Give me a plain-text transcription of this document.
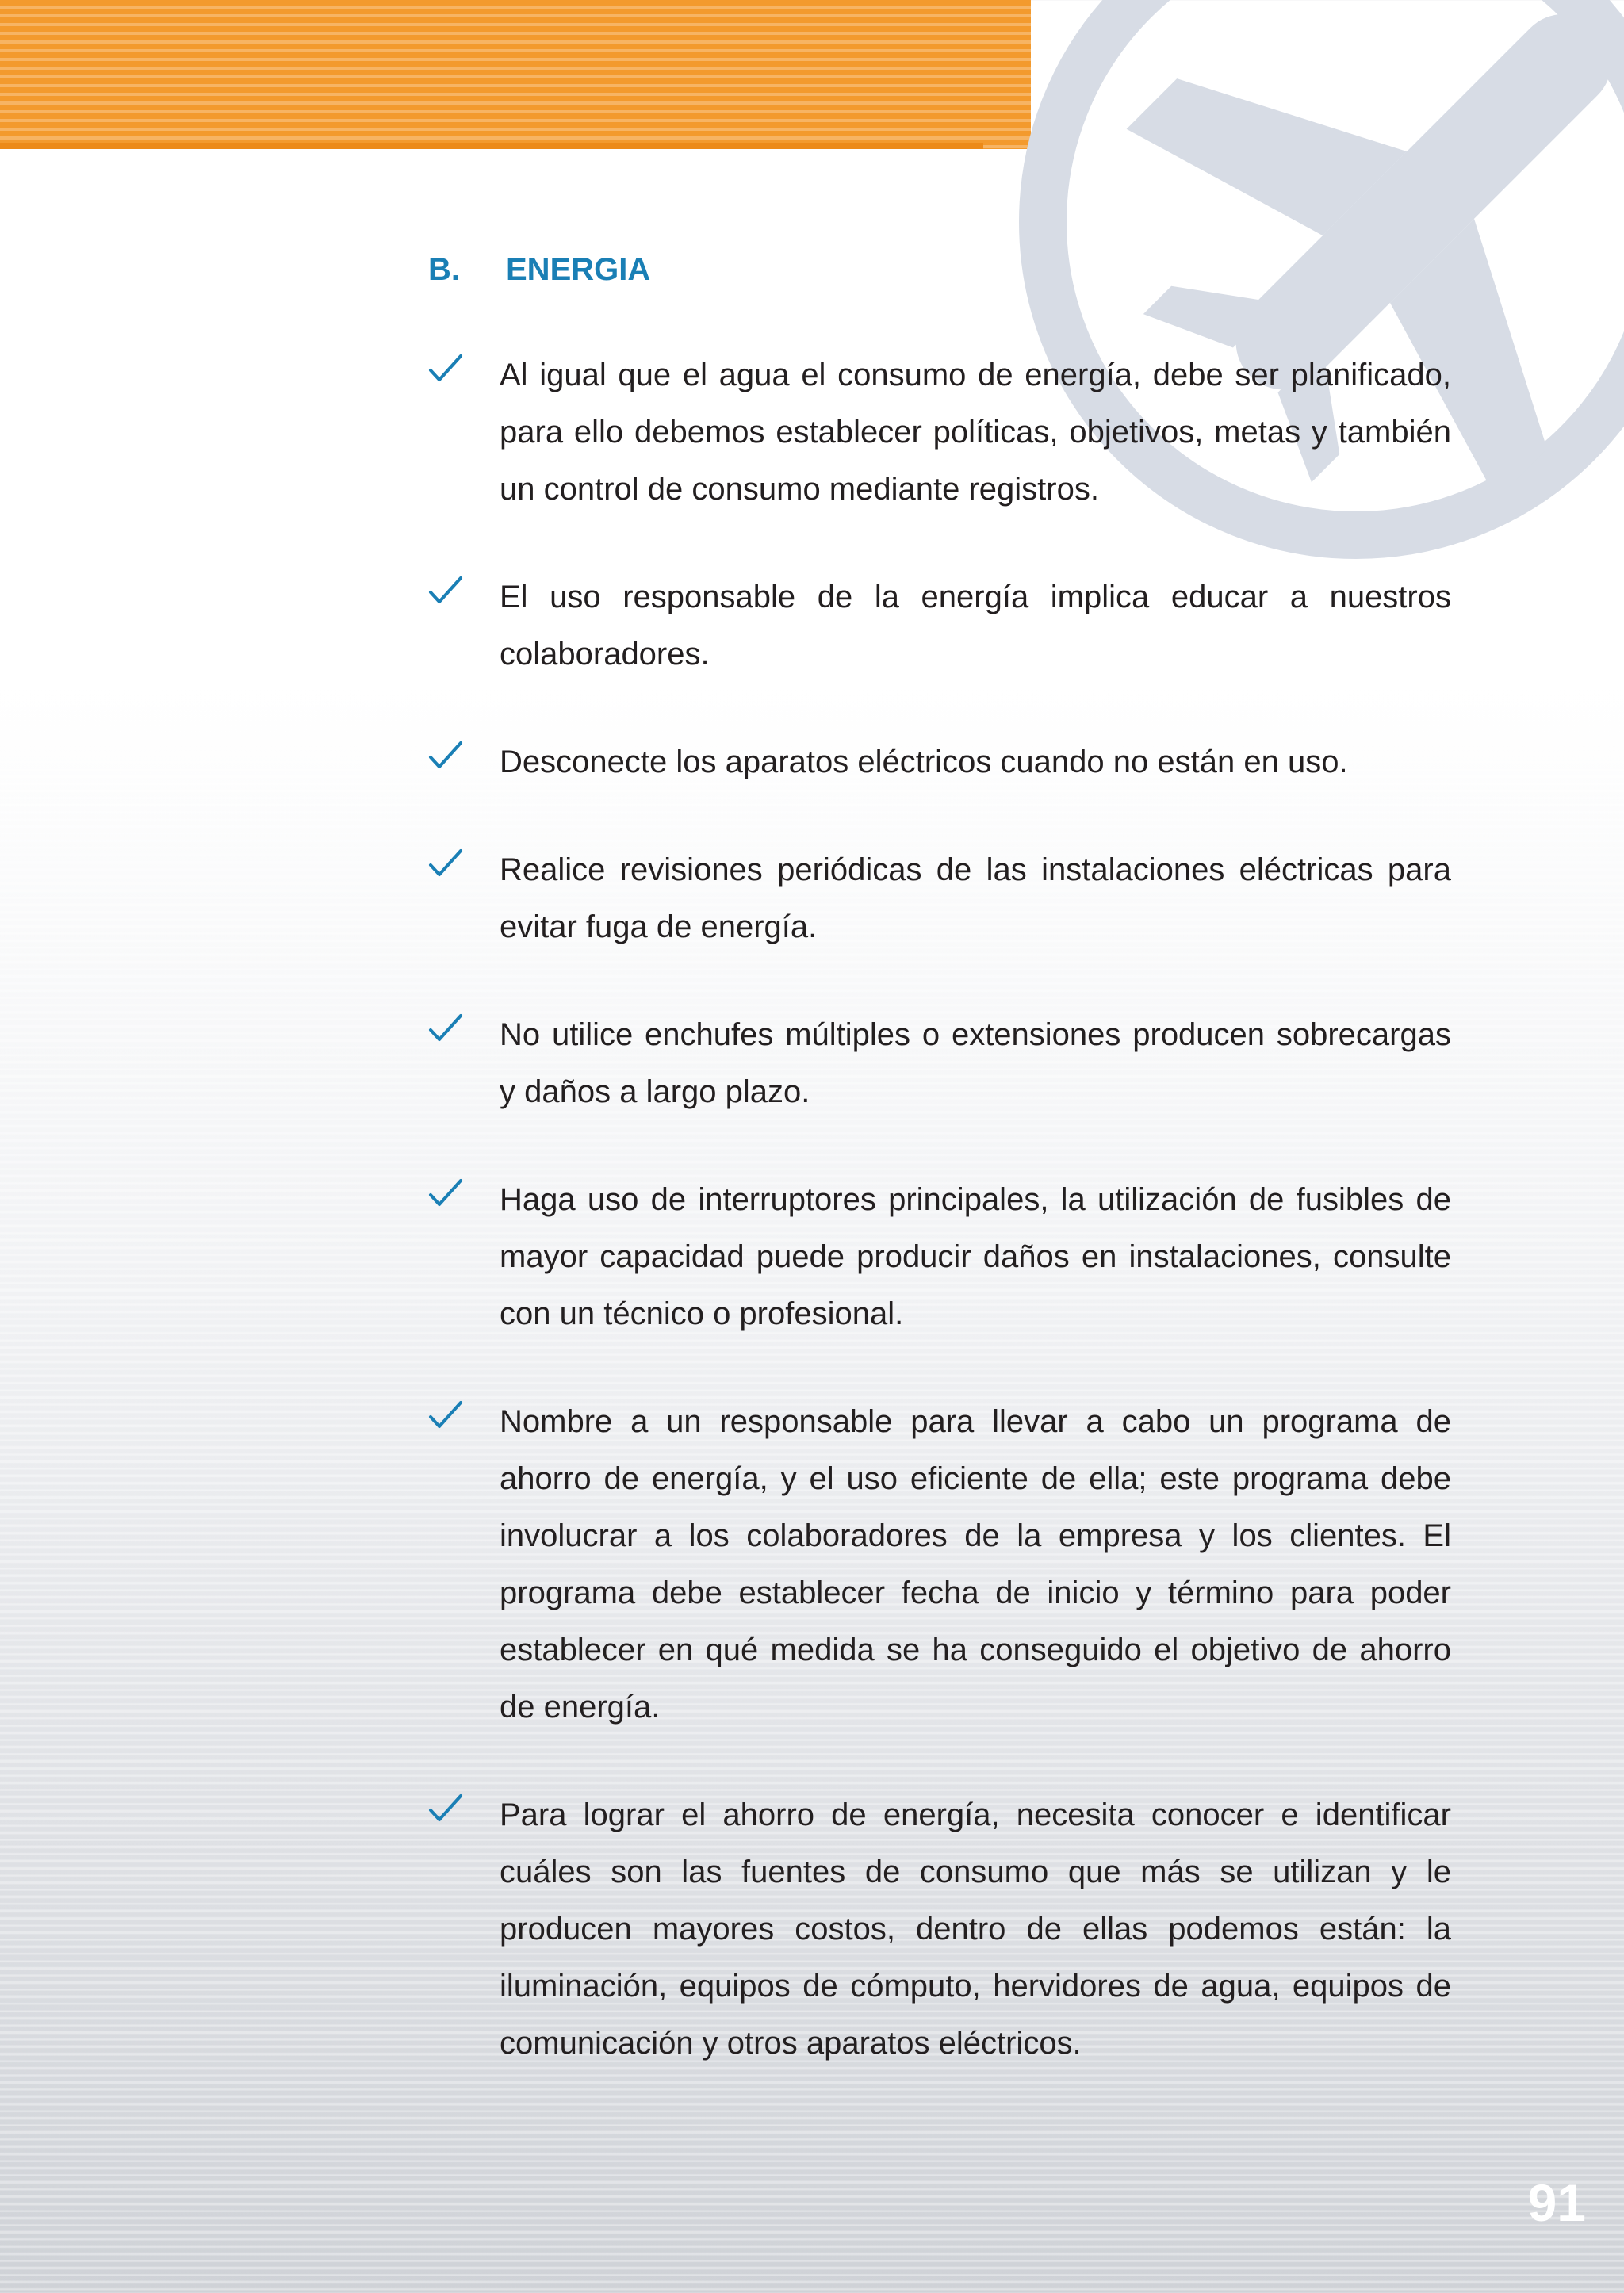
B.	ENERGIA
Al igual que el agua el consumo de energía, debe ser planificado, para ello debemos establecer políticas, objetivos, metas y también un control de consumo mediante registros.
El uso responsable de la energía implica educar a nuestros colaboradores.
Desconecte los aparatos eléctricos cuando no están en uso.
Realice revisiones periódicas de las instalaciones eléctricas para evitar fuga de energía.
No utilice enchufes múltiples o extensiones producen sobrecargas y daños a largo plazo.
Haga uso de interruptores principales, la utilización de fusibles de mayor capacidad puede producir daños en instalaciones, consulte con un técnico o profesional.
Nombre a un responsable para llevar a cabo un programa de ahorro de energía, y el uso eficiente de ella; este programa debe involucrar a los colaboradores de la empresa y los clientes. El programa debe establecer fecha de inicio y término para poder establecer en qué medida se ha conseguido el objetivo de ahorro de energía.
Para lograr el ahorro de energía, necesita conocer e identificar cuáles son las fuentes de consumo que más se utilizan y le producen mayores costos, dentro de ellas podemos están: la iluminación, equipos de cómputo, hervidores de agua, equipos de comunicación y otros aparatos eléctricos.
91
